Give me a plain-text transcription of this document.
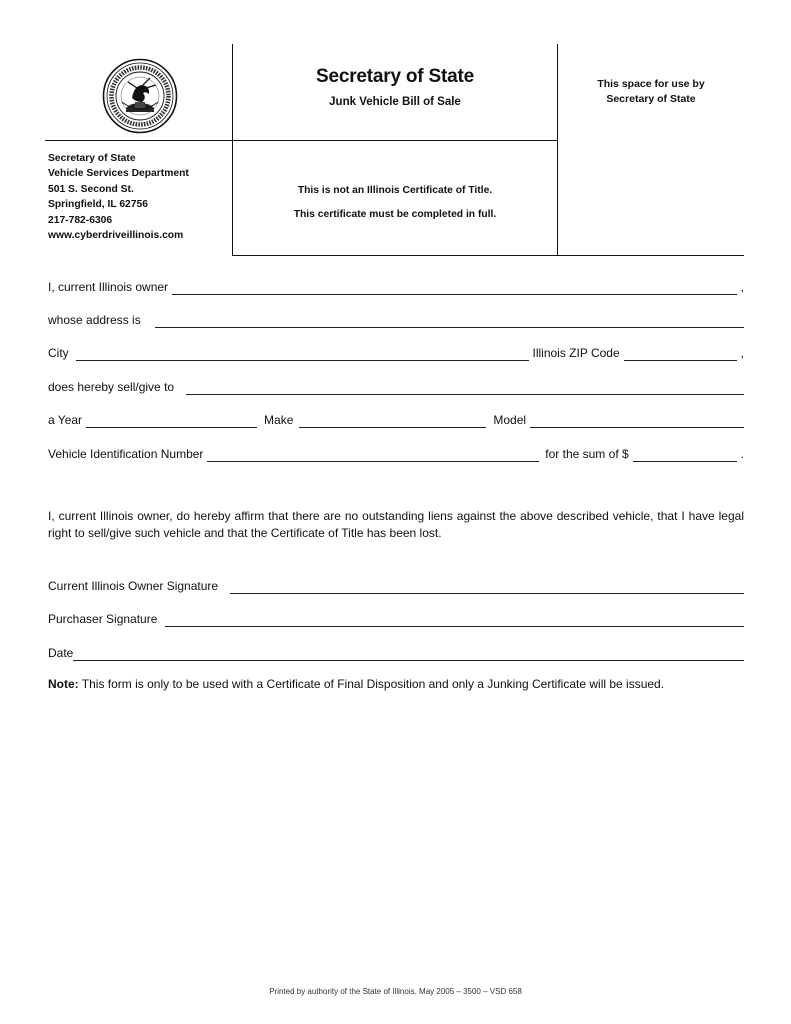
Secretary of State
Junk Vehicle Bill of Sale
This space for use by
Secretary of State
Secretary of State
Vehicle Services Department
501 S. Second St.
Springfield, IL 62756
217-782-6306
www.cyberdriveillinois.com
This is not an Illinois Certificate of Title.
This certificate must be completed in full.
I, current Illinois owner	,
whose address is
City	Illinois ZIP Code	,
does hereby sell/give to
a Year	Make	Model
Vehicle Identification Number	for the sum of $	.
I, current Illinois owner, do hereby affirm that there are no outstanding liens against the above described vehicle, that I have legal right to sell/give such vehicle and that the Certificate of Title has been lost.
Current Illinois Owner Signature
Purchaser Signature
Date
Note: This form is only to be used with a Certificate of Final Disposition and only a Junking Certificate will be issued.
Printed by authority of the State of Illinois. May 2005 – 3500 – VSD 658
